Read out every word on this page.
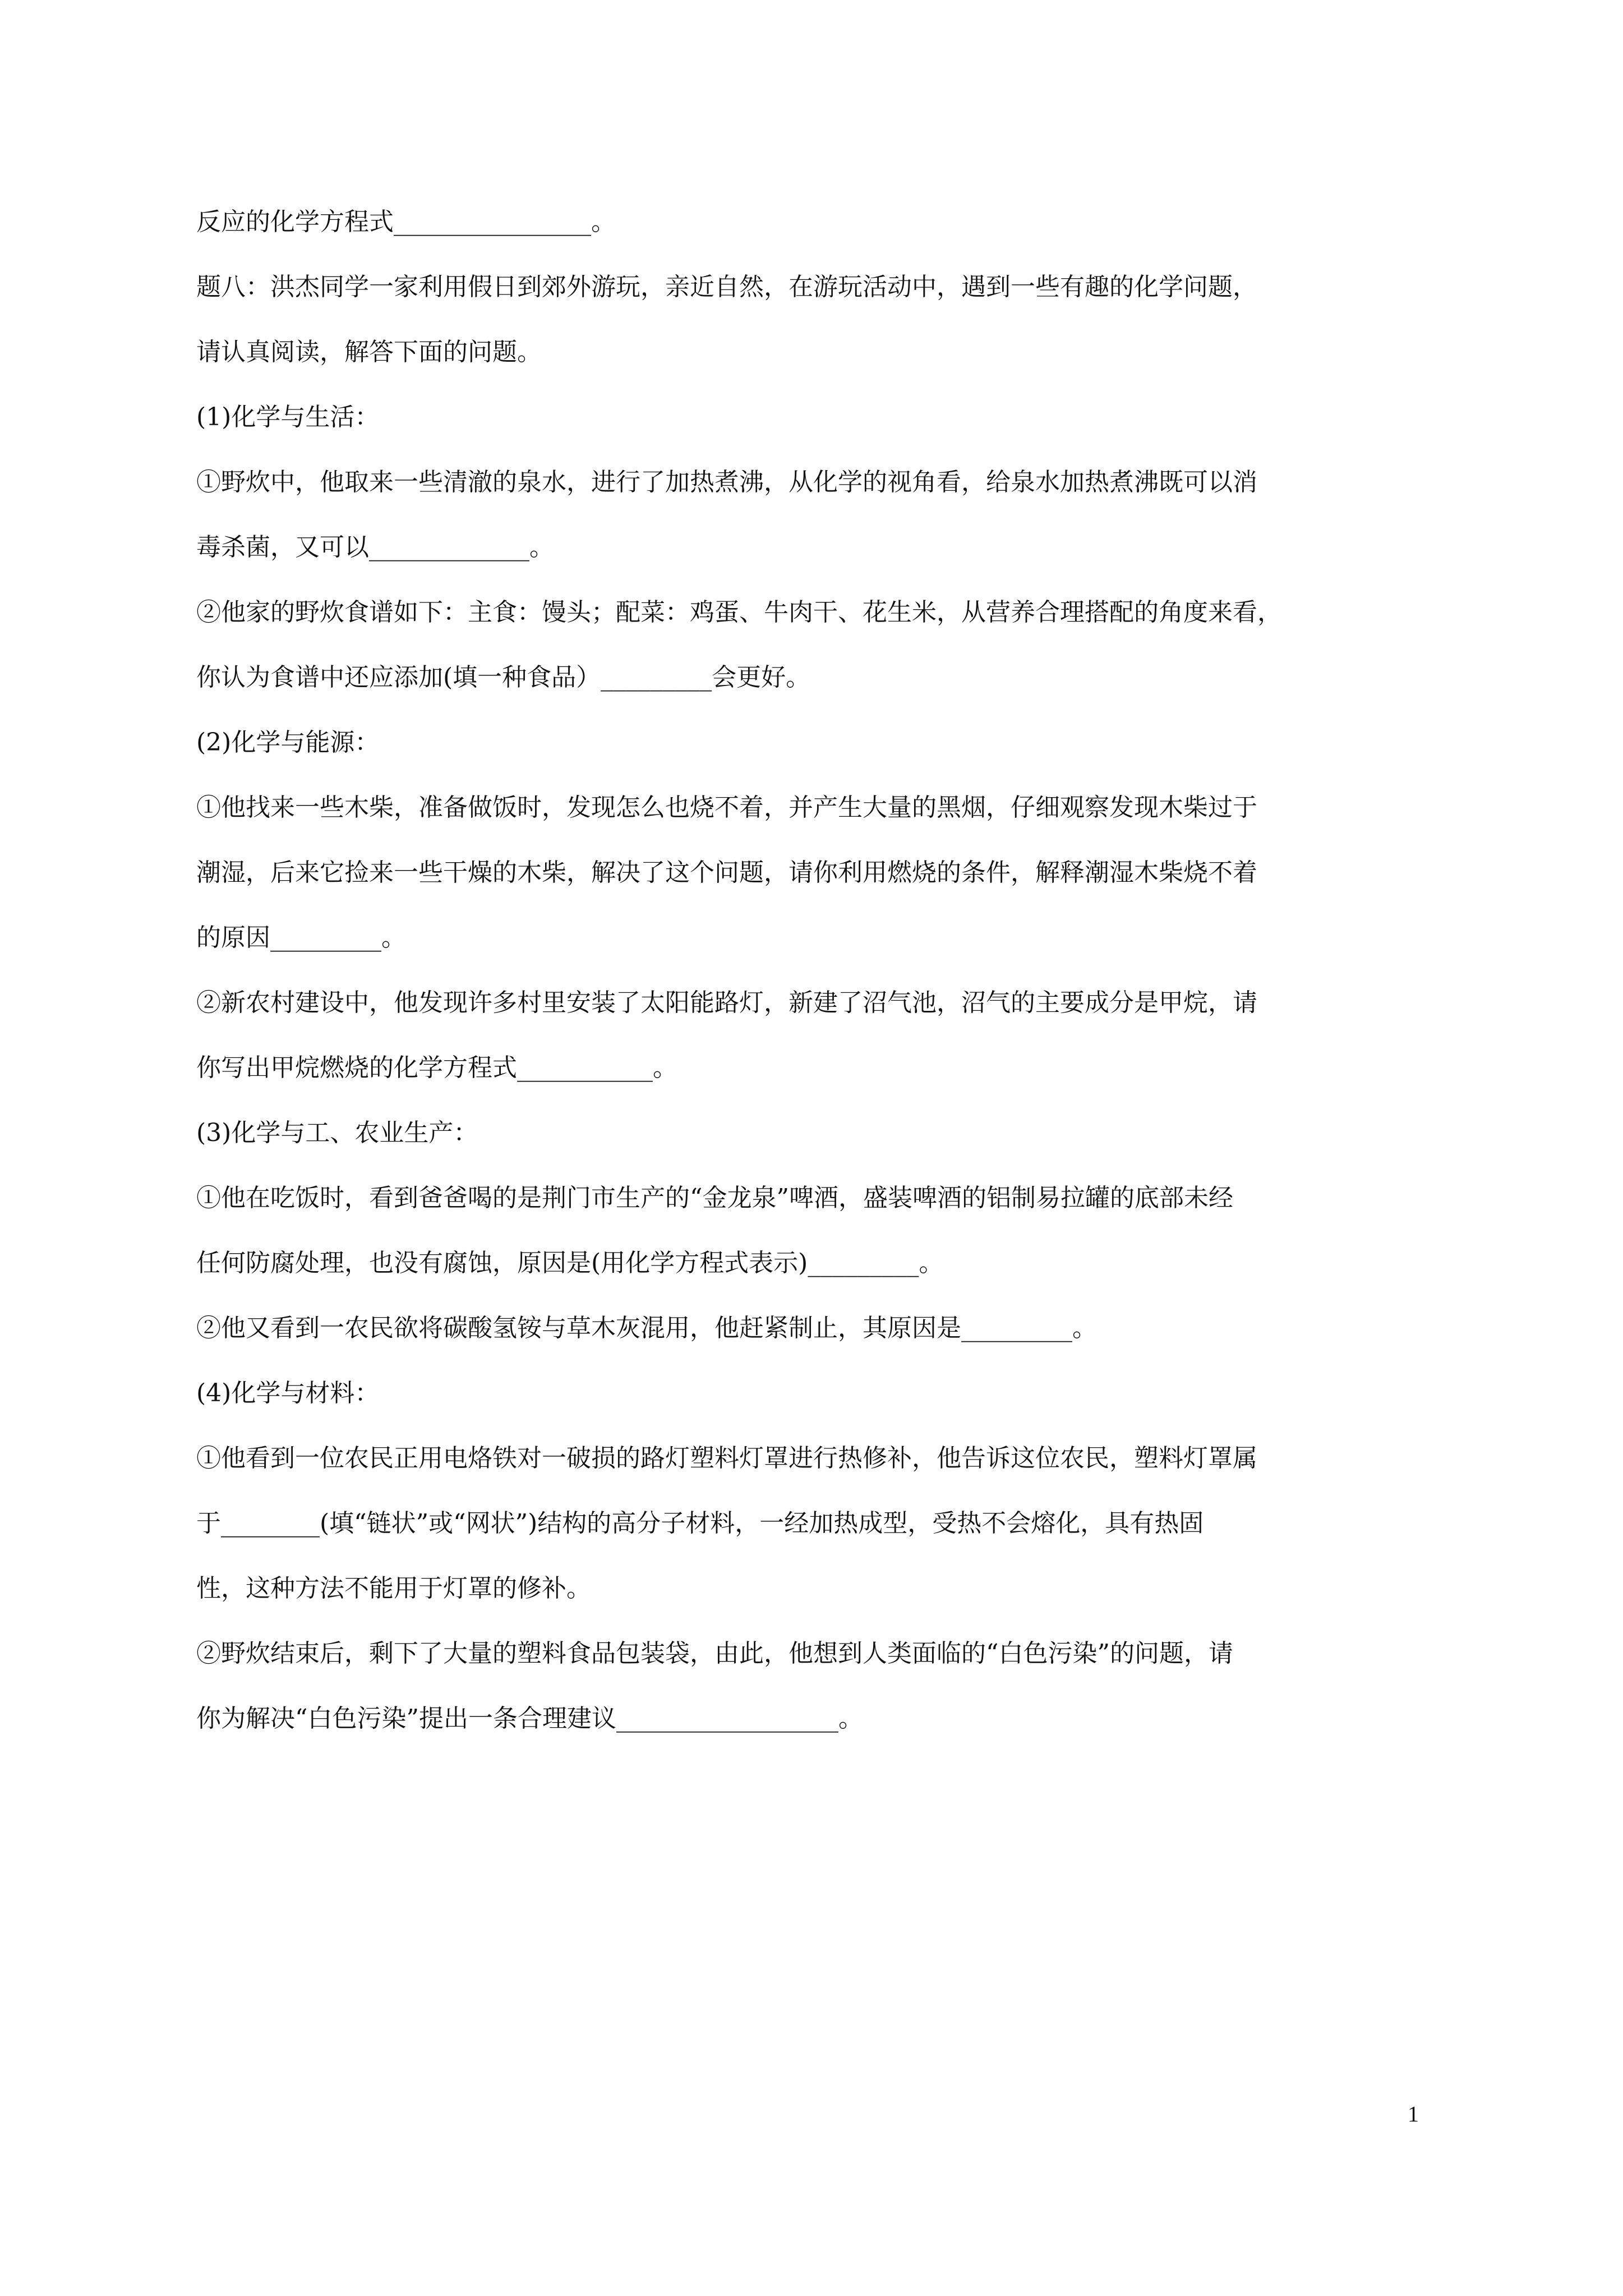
反应的化学方程式________________。
题八：洪杰同学一家利用假日到郊外游玩，亲近自然，在游玩活动中，遇到一些有趣的化学问题，
请认真阅读，解答下面的问题。
(1)化学与生活：
①野炊中，他取来一些清澈的泉水，进行了加热煮沸，从化学的视角看，给泉水加热煮沸既可以消
毒杀菌，又可以_____________。
②他家的野炊食谱如下：主食：馒头；配菜：鸡蛋、牛肉干、花生米，从营养合理搭配的角度来看，
你认为食谱中还应添加(填一种食品）_________会更好。
(2)化学与能源：
①他找来一些木柴，准备做饭时，发现怎么也烧不着，并产生大量的黑烟，仔细观察发现木柴过于
潮湿，后来它捡来一些干燥的木柴，解决了这个问题，请你利用燃烧的条件，解释潮湿木柴烧不着
的原因_________。
②新农村建设中，他发现许多村里安装了太阳能路灯，新建了沼气池，沼气的主要成分是甲烷，请
你写出甲烷燃烧的化学方程式___________。
(3)化学与工、农业生产：
①他在吃饭时，看到爸爸喝的是荆门市生产的“金龙泉”啤酒，盛装啤酒的铝制易拉罐的底部未经
任何防腐处理，也没有腐蚀，原因是(用化学方程式表示)_________。
②他又看到一农民欲将碳酸氢铵与草木灰混用，他赶紧制止，其原因是_________。
(4)化学与材料：
①他看到一位农民正用电烙铁对一破损的路灯塑料灯罩进行热修补，他告诉这位农民，塑料灯罩属
于________(填“链状”或“网状”)结构的高分子材料，一经加热成型，受热不会熔化，具有热固
性，这种方法不能用于灯罩的修补。
②野炊结束后，剩下了大量的塑料食品包装袋，由此，他想到人类面临的“白色污染”的问题，请
你为解决“白色污染”提出一条合理建议__________________。
1
